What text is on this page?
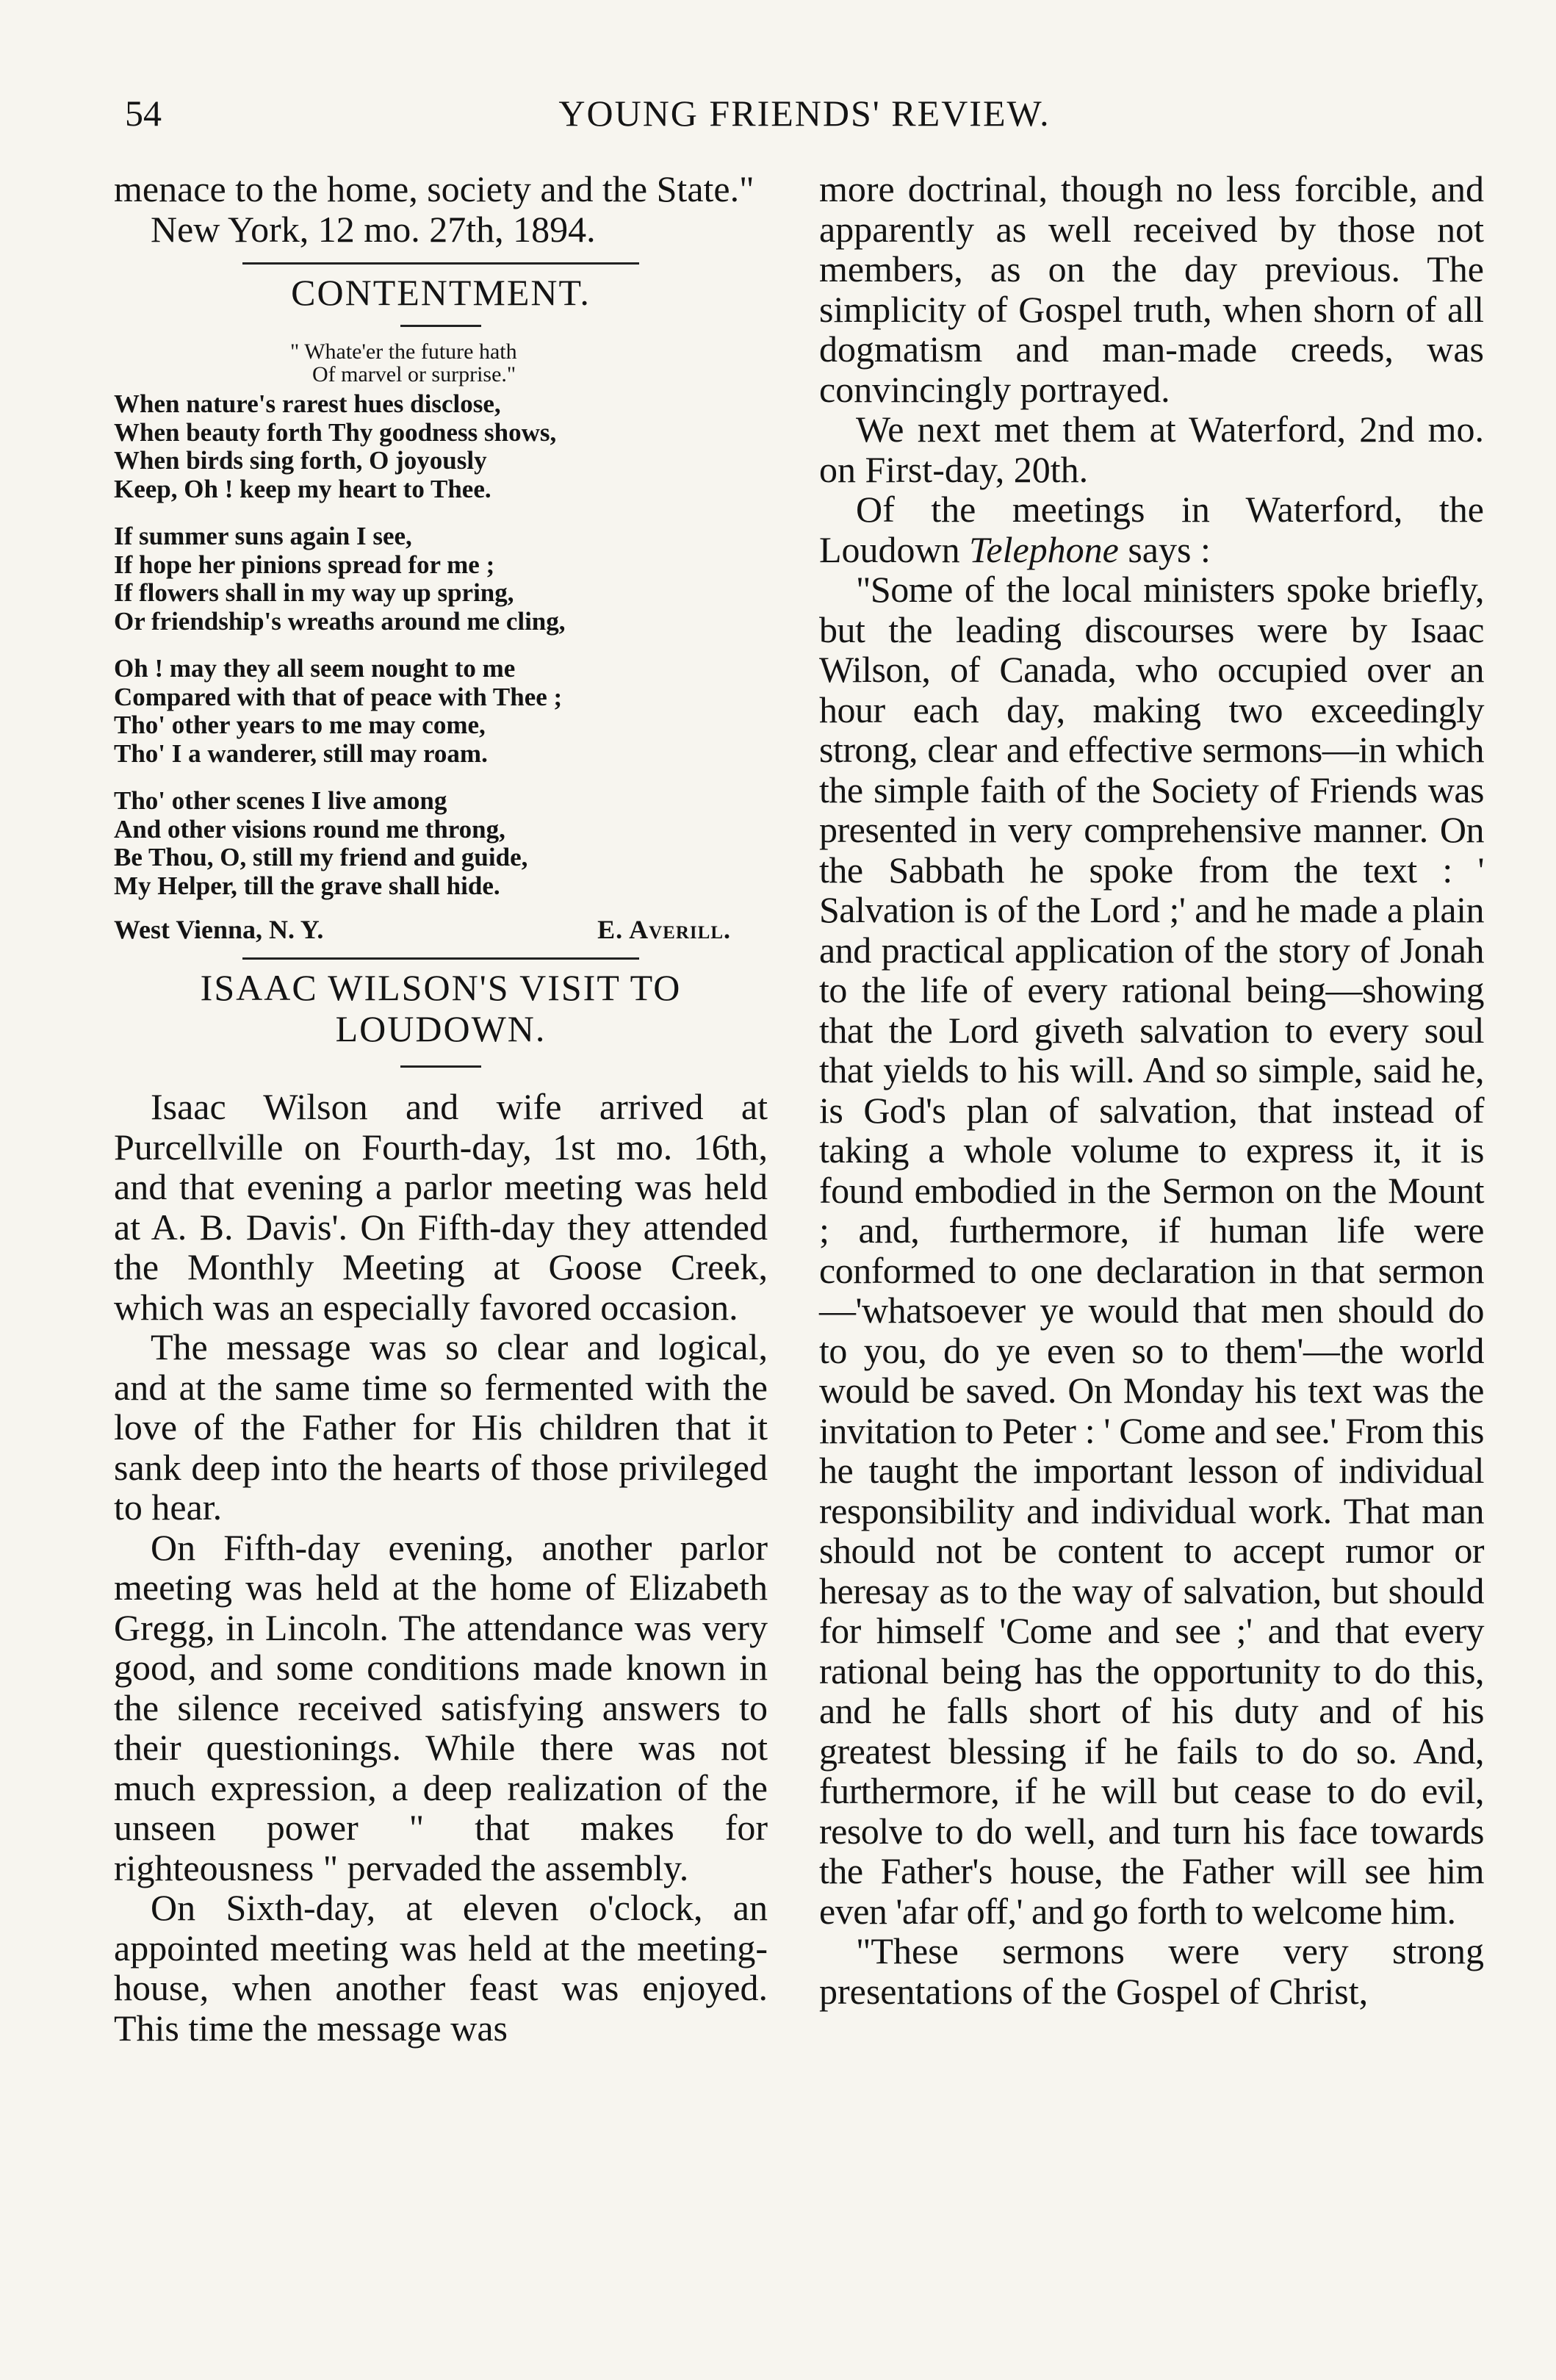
54	YOUNG FRIENDS' REVIEW.

menace to the home, society and the State."

New York, 12 mo. 27th, 1894.

CONTENTMENT.
" Whate'er the future hath
Of marvel or surprise."
When nature's rarest hues disclose,
When beauty forth Thy goodness shows,
When birds sing forth, O joyously
Keep, Oh ! keep my heart to Thee.
If summer suns again I see,
If hope her pinions spread for me ;
If flowers shall in my way up spring,
Or friendship's wreaths around me cling,
Oh ! may they all seem nought to me
Compared with that of peace with Thee ;
Tho' other years to me may come,
Tho' I a wanderer, still may roam.
Tho' other scenes I live among
And other visions round me throng,
Be Thou, O, still my friend and guide,
My Helper, till the grave shall hide.
West Vienna, N. Y.	E. Averill.
ISAAC WILSON'S VISIT TO
LOUDOWN.

Isaac Wilson and wife arrived at Purcellville on Fourth-day, 1st mo. 16th, and that evening a parlor meeting was held at A. B. Davis'. On Fifth-day they attended the Monthly Meeting at Goose Creek, which was an especially favored occasion.

The message was so clear and logical, and at the same time so fermented with the love of the Father for His children that it sank deep into the hearts of those privileged to hear.

On Fifth-day evening, another parlor meeting was held at the home of Elizabeth Gregg, in Lincoln. The attendance was very good, and some conditions made known in the silence received satisfying answers to their questionings. While there was not much expression, a deep realization of the unseen power " that makes for righteousness " pervaded the assembly.

On Sixth-day, at eleven o'clock, an appointed meeting was held at the meeting-house, when another feast was enjoyed. This time the message was

more doctrinal, though no less forcible, and apparently as well received by those not members, as on the day previous. The simplicity of Gospel truth, when shorn of all dogmatism and man-made creeds, was convincingly portrayed.

We next met them at Waterford, 2nd mo. on First-day, 20th.

Of the meetings in Waterford, the Loudown Telephone says :

"Some of the local ministers spoke briefly, but the leading discourses were by Isaac Wilson, of Canada, who occupied over an hour each day, making two exceedingly strong, clear and effective sermons—in which the simple faith of the Society of Friends was presented in very comprehensive manner. On the Sabbath he spoke from the text : ' Salvation is of the Lord ;' and he made a plain and practical application of the story of Jonah to the life of every rational being—showing that the Lord giveth salvation to every soul that yields to his will. And so simple, said he, is God's plan of salvation, that instead of taking a whole volume to express it, it is found embodied in the Sermon on the Mount ; and, furthermore, if human life were conformed to one declaration in that sermon—'whatsoever ye would that men should do to you, do ye even so to them'—the world would be saved. On Monday his text was the invitation to Peter : ' Come and see.' From this he taught the important lesson of individual responsibility and individual work. That man should not be content to accept rumor or heresay as to the way of salvation, but should for himself 'Come and see ;' and that every rational being has the opportunity to do this, and he falls short of his duty and of his greatest blessing if he fails to do so. And, furthermore, if he will but cease to do evil, resolve to do well, and turn his face towards the Father's house, the Father will see him even 'afar off,' and go forth to welcome him.

"These sermons were very strong presentations of the Gospel of Christ,
